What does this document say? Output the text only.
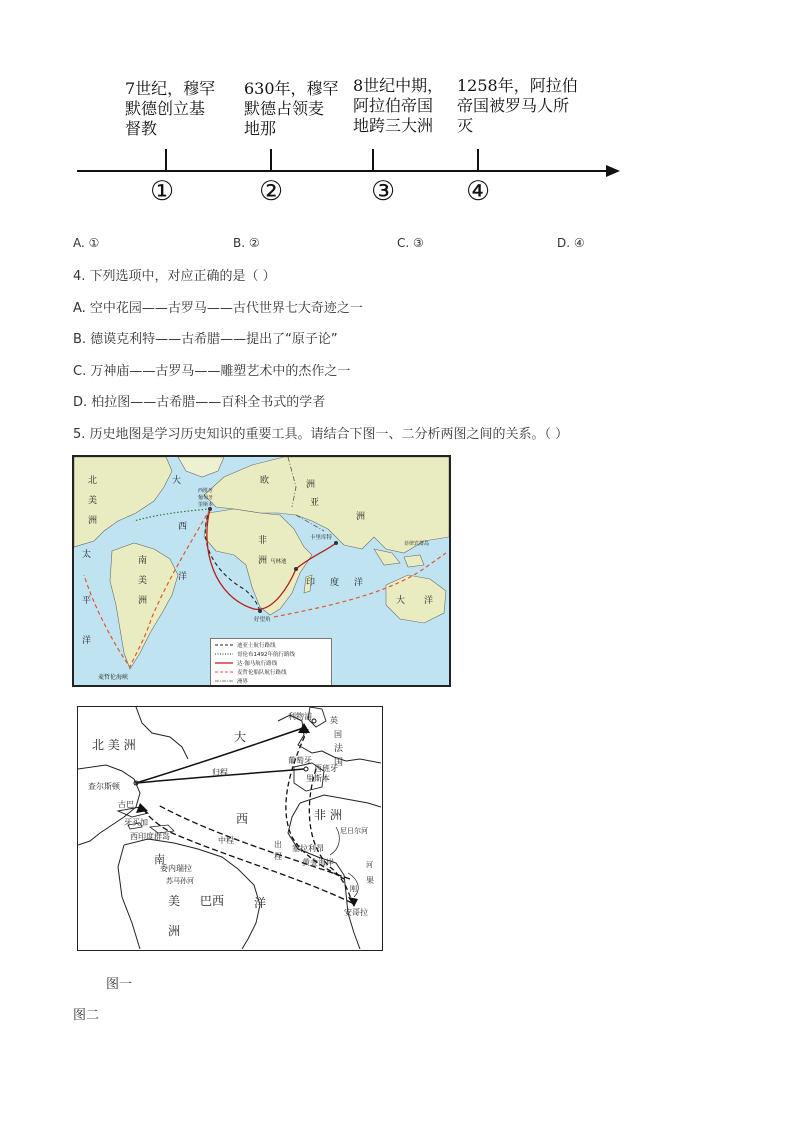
7世纪，穆罕
默德创立基
督教
630年，穆罕
默德占领麦
地那
8世纪中期，
阿拉伯帝国
地跨三大洲
1258年，阿拉伯
帝国被罗马人所
灭
①	②	③	④
A. ①	B. ②	C. ③	D. ④
4. 下列选项中，对应正确的是（ ）
A. 空中花园——古罗马——古代世界七大奇迹之一
B. 德谟克利特——古希腊——提出了“原子论”
C. 万神庙——古罗马——雕塑艺术中的杰作之一
D. 柏拉图——古希腊——百科全书式的学者
5. 历史地图是学习历史知识的重要工具。请结合下图一、二分析两图之间的关系。（ ）
北
美
洲
大	欧	洲
亚
洲
西
非
洲
太
平
洋
南
美
洲
洋
印 度 洋
大 洋
西班牙
葡萄牙
里斯本
卡里库特
马林迪
好望角
菲律宾群岛
麦哲伦海峡
迪亚士航行路线
哥伦布1492年航行路线
达·伽马航行路线
麦哲伦船队航行路线
洲界
北 美 洲
大
利物浦 英
国
法
国
葡萄牙
西班牙
里斯本
查尔斯顿
古巴
牙买加
西印度群岛
西
归程
中程	出
程
非 洲
尼日尔河
塞拉利昂
黄金海岸	河
果
刚
安哥拉
南
委内瑞拉
苏马孙河
美 巴西 洋
洲
图一
图二
